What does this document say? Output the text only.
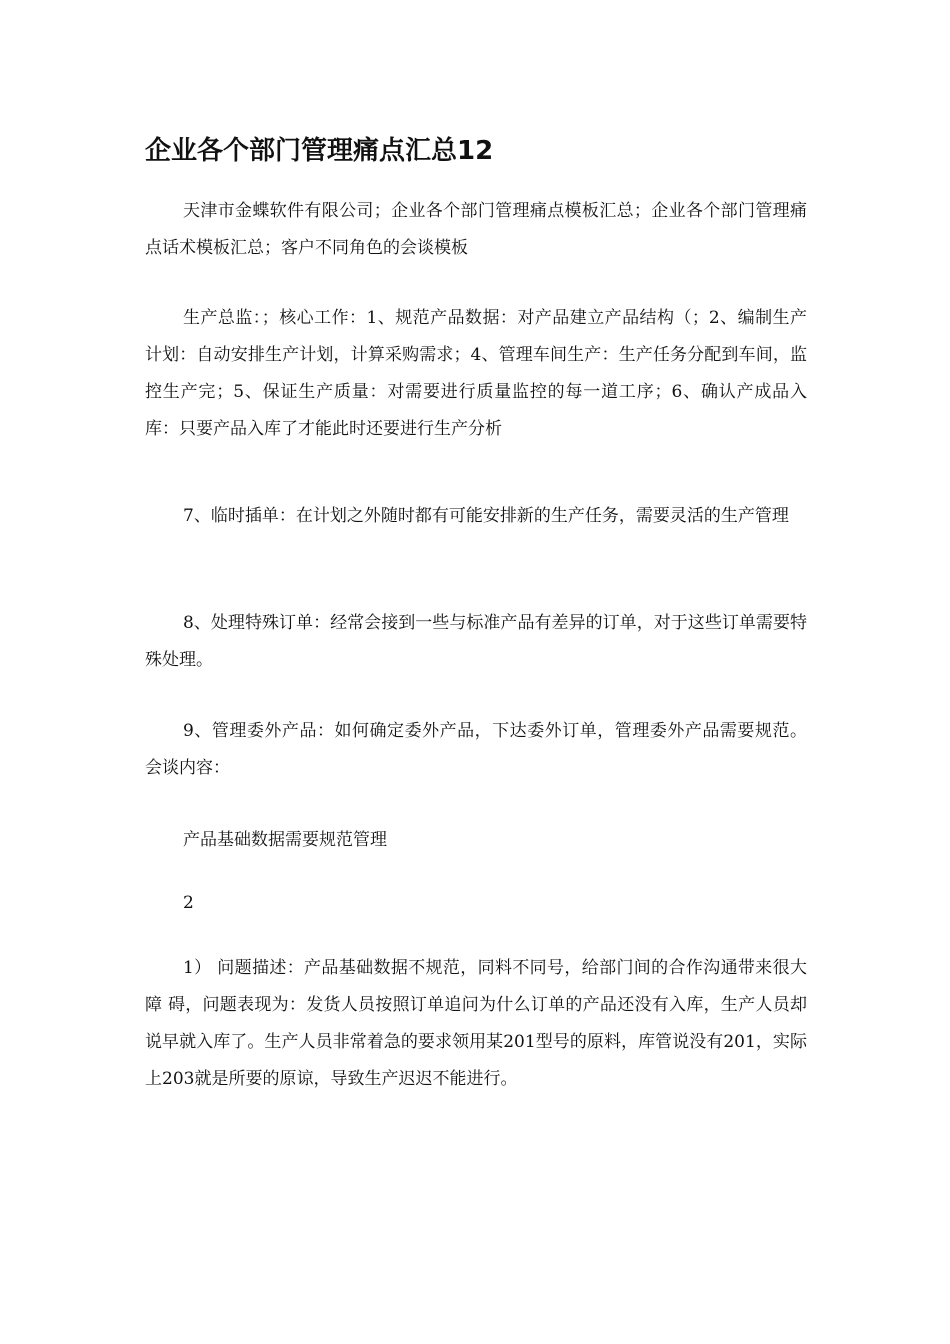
企业各个部门管理痛点汇总12

天津市金蝶软件有限公司；企业各个部门管理痛点模板汇总；企业各个部门管理痛点话术模板汇总；客户不同角色的会谈模板

生产总监：；核心工作：1、规范产品数据：对产品建立产品结构（；2、编制生产计划：自动安排生产计划，计算采购需求；4、管理车间生产：生产任务分配到车间，监控生产完；5、保证生产质量：对需要进行质量监控的每一道工序；6、确认产成品入库：只要产品入库了才能此时还要进行生产分析

7、临时插单：在计划之外随时都有可能安排新的生产任务，需要灵活的生产管理

8、处理特殊订单：经常会接到一些与标准产品有差异的订单，对于这些订单需要特殊处理。

9、管理委外产品：如何确定委外产品，下达委外订单，管理委外产品需要规范。 会谈内容：

产品基础数据需要规范管理

2

1） 问题描述：产品基础数据不规范，同料不同号，给部门间的合作沟通带来很大障 碍，问题表现为：发货人员按照订单追问为什么订单的产品还没有入库，生产人员却说早就入库了。生产人员非常着急的要求领用某201型号的原料，库管说没有201，实际上203就是所要的原谅，导致生产迟迟不能进行。
